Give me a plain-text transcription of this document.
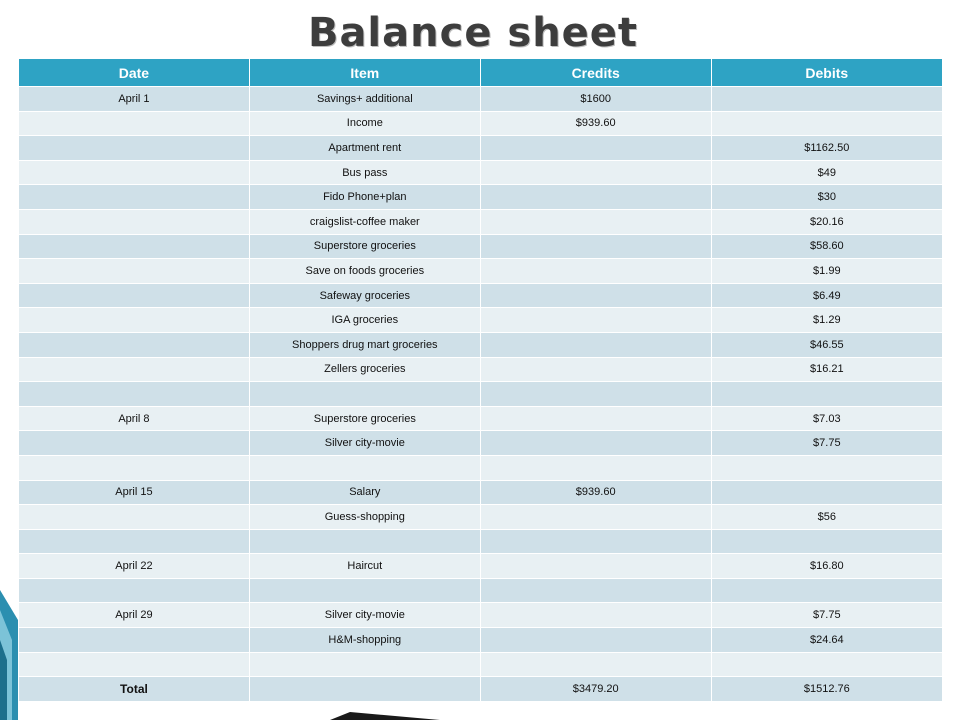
Balance sheet
Date	Item	Credits	Debits
April 1	Savings+ additional	$1600	
	Income	$939.60	
	Apartment rent		$1162.50
	Bus pass		$49
	Fido Phone+plan		$30
	craigslist-coffee maker		$20.16
	Superstore groceries		$58.60
	Save on foods groceries		$1.99
	Safeway groceries		$6.49
	IGA groceries		$1.29
	Shoppers drug mart groceries		$46.55
	Zellers groceries		$16.21

April 8	Superstore groceries		$7.03
	Silver city-movie		$7.75

April 15	Salary	$939.60	
	Guess-shopping		$56

April 22	Haircut		$16.80

April 29	Silver city-movie		$7.75
	H&M-shopping		$24.64

Total		$3479.20	$1512.76
